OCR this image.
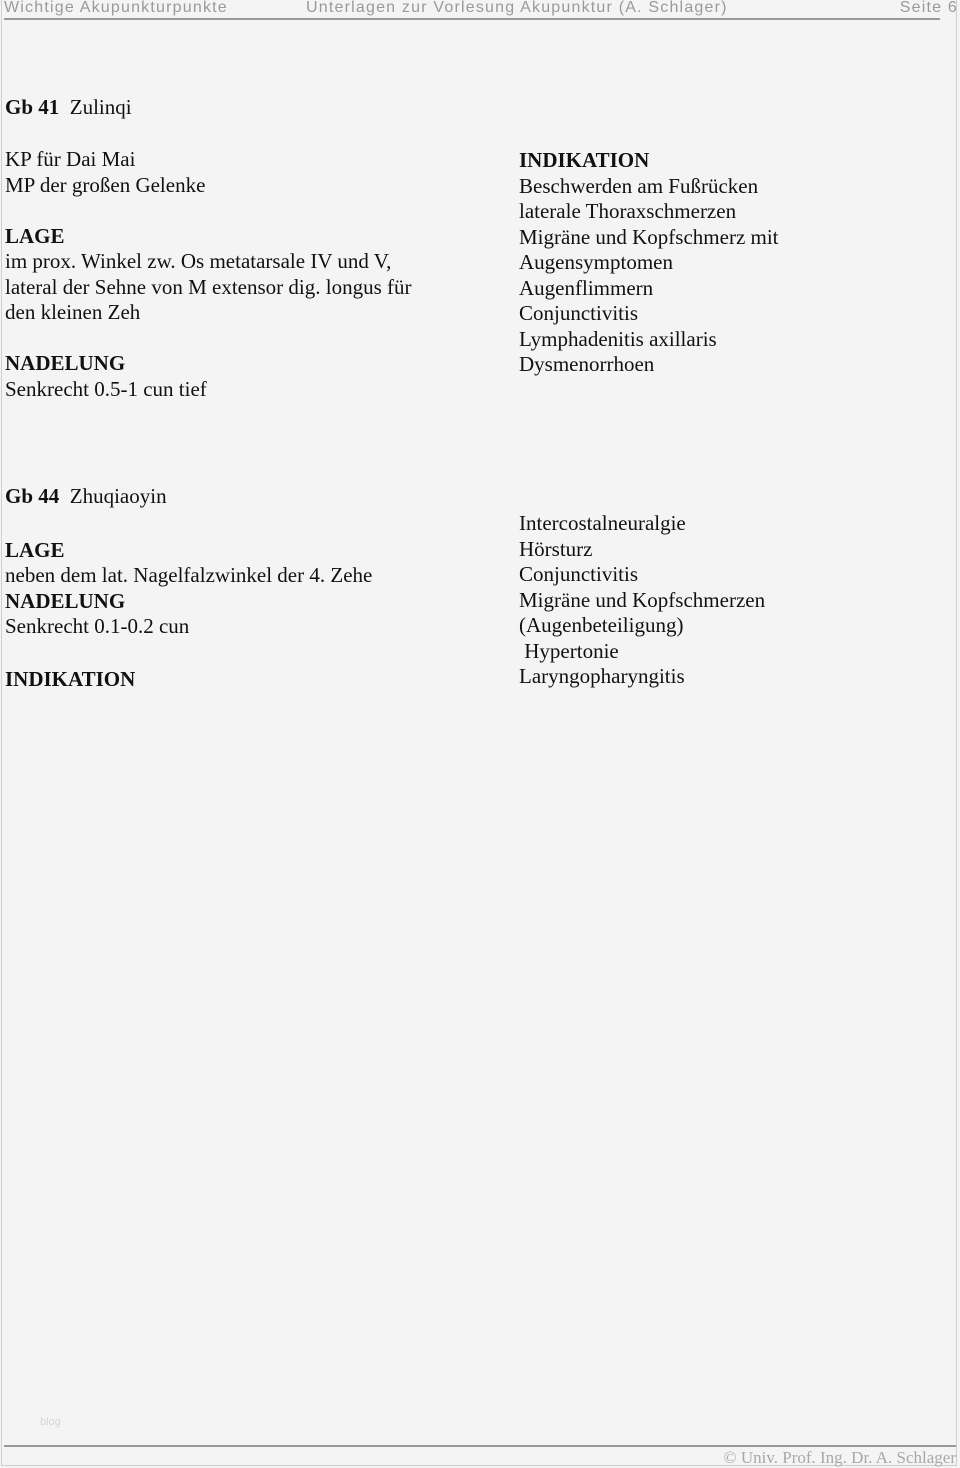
Wichtige Akupunkturpunkte	Unterlagen zur Vorlesung Akupunktur (A. Schlager)	Seite 6
Gb 41 Zulinqi
KP für Dai Mai
MP der großen Gelenke
LAGE
im prox. Winkel zw. Os metatarsale IV und V,
lateral der Sehne von M extensor dig. longus für
den kleinen Zeh
NADELUNG
Senkrecht 0.5-1 cun tief
INDIKATION
Beschwerden am Fußrücken
laterale Thoraxschmerzen
Migräne und Kopfschmerz mit
Augensymptomen
Augenflimmern
Conjunctivitis
Lymphadenitis axillaris
Dysmenorrhoen
Gb 44 Zhuqiaoyin
LAGE
neben dem lat. Nagelfalzwinkel der 4. Zehe
NADELUNG
Senkrecht 0.1-0.2 cun
INDIKATION
Intercostalneuralgie
Hörsturz
Conjunctivitis
Migräne und Kopfschmerzen
(Augenbeteiligung)
Hypertonie
Laryngopharyngitis
blog
© Univ. Prof. Ing. Dr. A. Schlager
